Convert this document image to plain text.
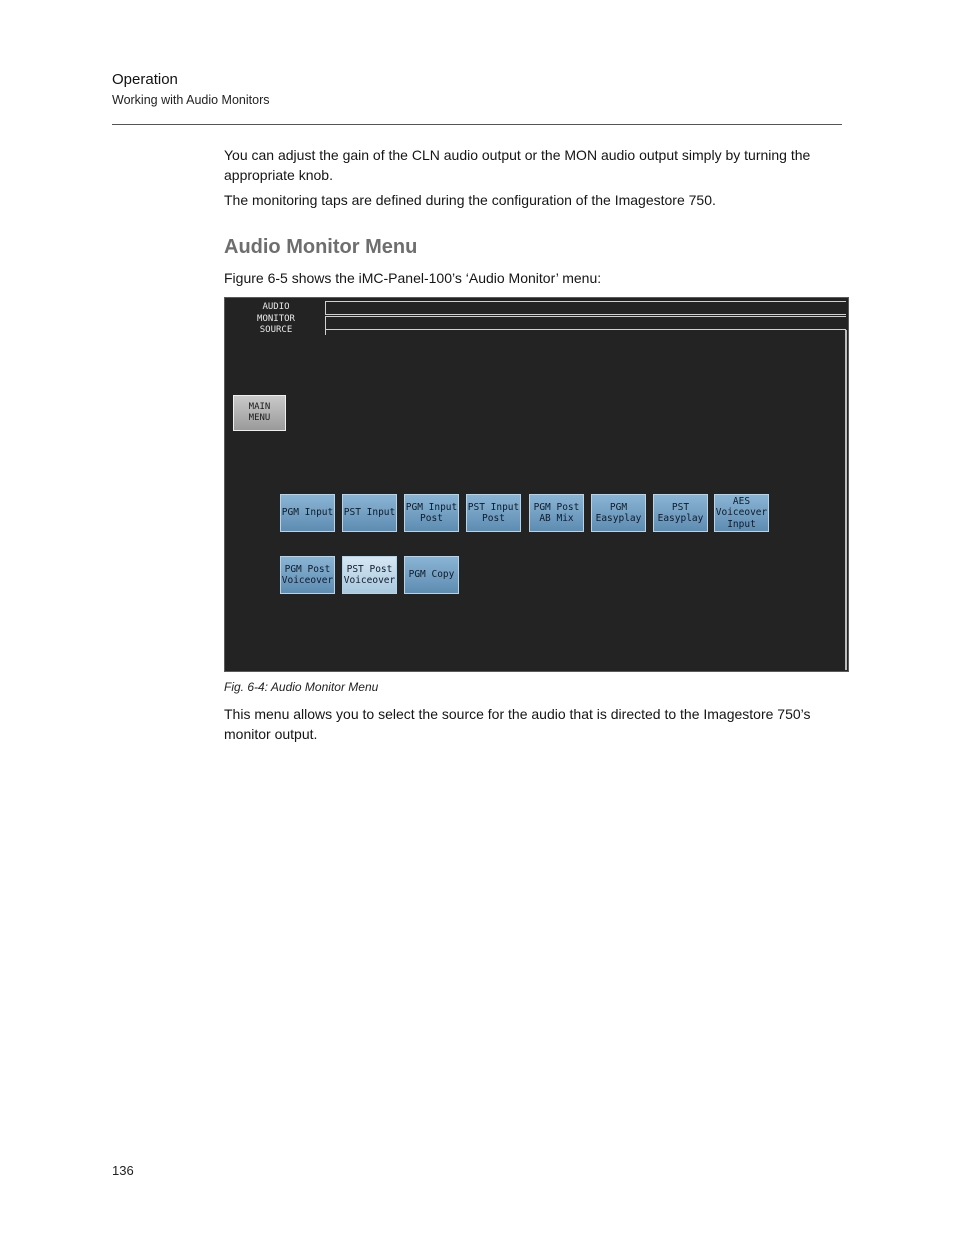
Operation
Working with Audio Monitors
You can adjust the gain of the CLN audio output or the MON audio output simply by turning the appropriate knob.
The monitoring taps are defined during the configuration of the Imagestore 750.
Audio Monitor Menu
Figure 6-5 shows the iMC-Panel-100’s ‘Audio Monitor’ menu:
AUDIO
MONITOR
SOURCE
MAIN
MENU
PGM Input PST Input
PGM Input
Post
PST Input
Post
PGM Post
AB Mix
PGM
Easyplay
PST
Easyplay
AES
Voiceover
Input
PGM Post
Voiceover
PST Post
Voiceover
PGM Copy
Fig. 6-4: Audio Monitor Menu
This menu allows you to select the source for the audio that is directed to the Imagestore 750’s monitor output.
136
